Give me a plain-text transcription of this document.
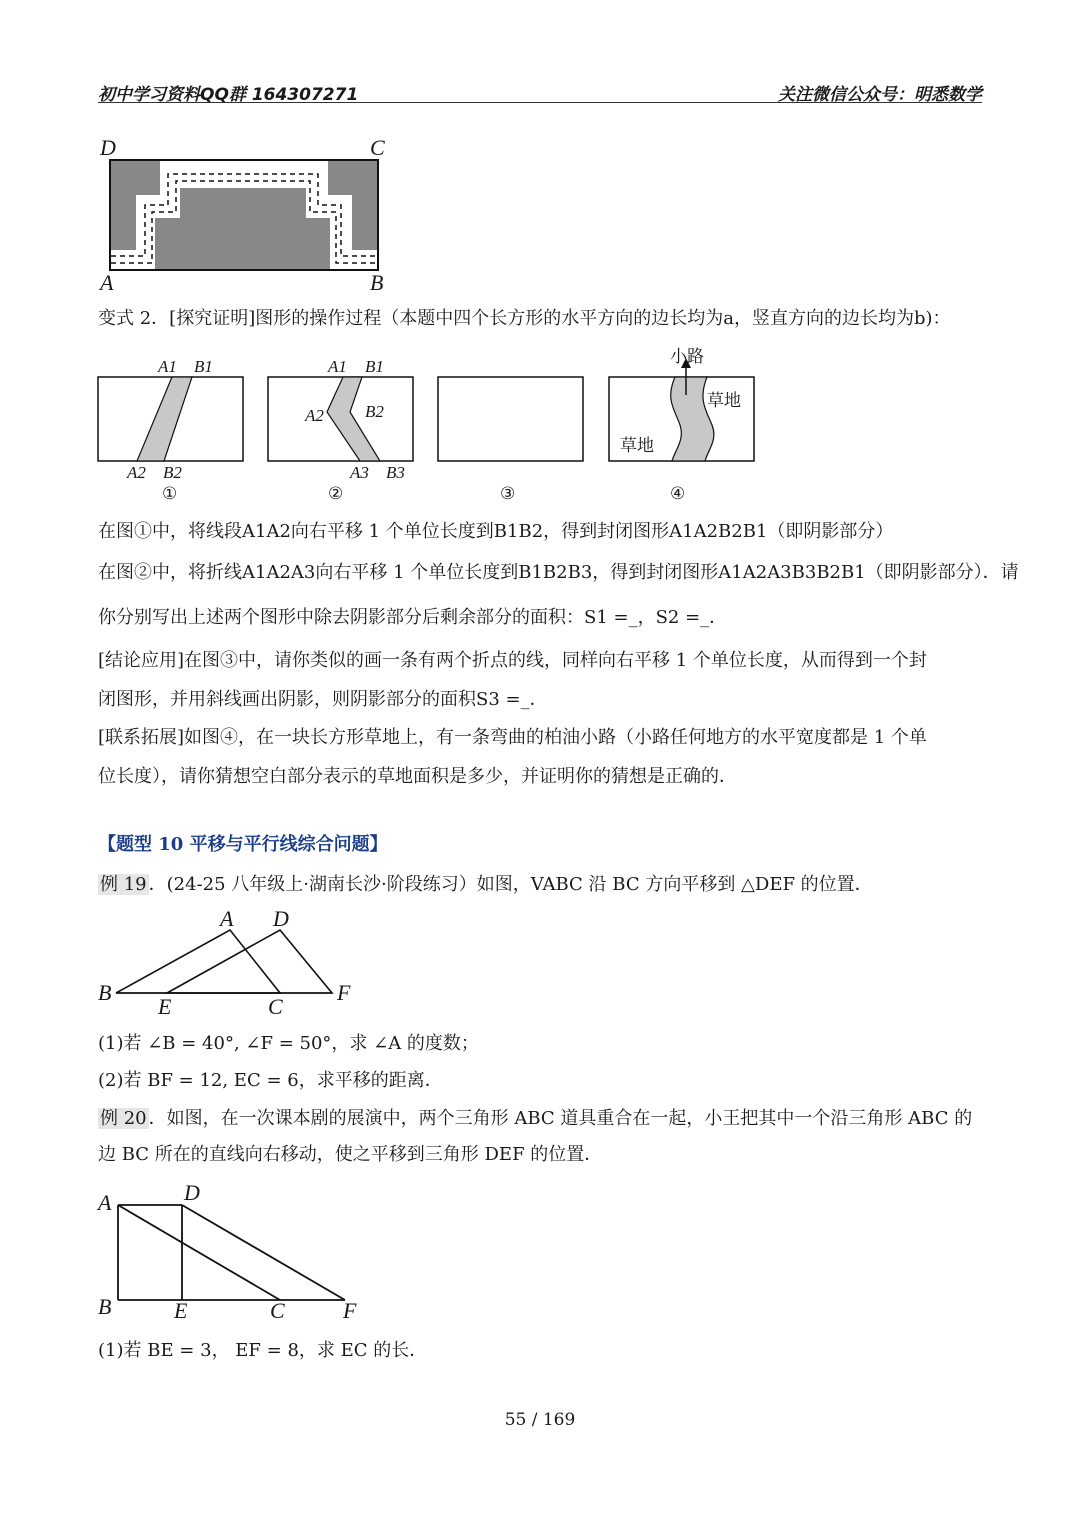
初中学习资料QQ群 164307271	关注微信公众号：明悉数学
D	C
A	B
变式 2．[探究证明]图形的操作过程（本题中四个长方形的水平方向的边长均为a，竖直方向的边长均为b)：
A1 B1
A2 B2
A1 B1
A2 B2
A3 B3
小路
草地
草地
①	②	③	④
在图①中，将线段A1A2向右平移 1 个单位长度到B1B2，得到封闭图形A1A2B2B1（即阴影部分）
在图②中，将折线A1A2A3向右平移 1 个单位长度到B1B2B3，得到封闭图形A1A2A3B3B2B1（即阴影部分）．请
你分别写出上述两个图形中除去阴影部分后剩余部分的面积：S1 =_，S2 =_．
[结论应用]在图③中，请你类似的画一条有两个折点的线，同样向右平移 1 个单位长度，从而得到一个封
闭图形，并用斜线画出阴影，则阴影部分的面积S3 =_．
[联系拓展]如图④，在一块长方形草地上，有一条弯曲的柏油小路（小路任何地方的水平宽度都是 1 个单
位长度），请你猜想空白部分表示的草地面积是多少，并证明你的猜想是正确的．
【题型 10 平移与平行线综合问题】
例 19 ．(24-25 八年级上·湖南长沙·阶段练习）如图，VABC 沿 BC 方向平移到 △DEF 的位置．
A D
B
E	C
F
(1)若 ∠B = 40°, ∠F = 50°，求 ∠A 的度数；
(2)若 BF = 12, EC = 6，求平移的距离．
例 20 ．如图，在一次课本剧的展演中，两个三角形 ABC 道具重合在一起，小王把其中一个沿三角形 ABC 的
边 BC 所在的直线向右移动，使之平移到三角形 DEF 的位置．
A	D
B	E	C	F
(1)若 BE = 3， EF = 8，求 EC 的长．
55 / 169
